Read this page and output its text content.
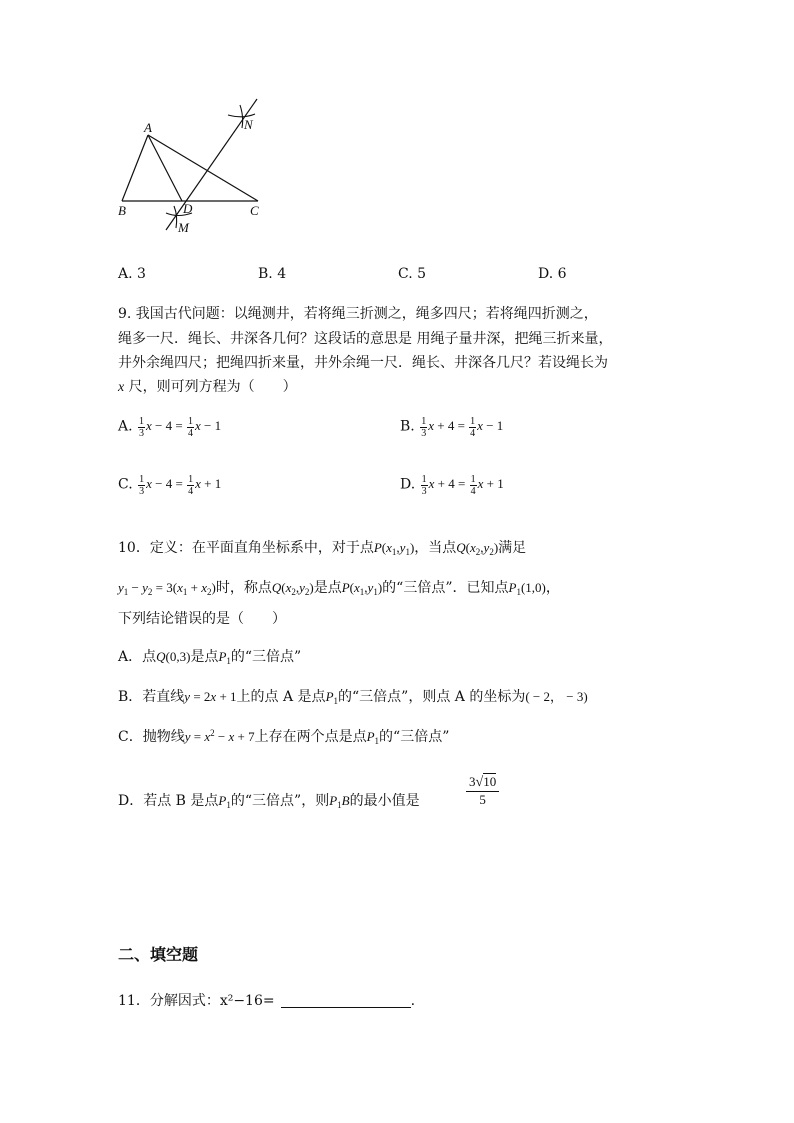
A
B	C
D
M
N
A. 3	B. 4	C. 5	D. 6
9. 我国古代问题：以绳测井，若将绳三折测之，绳多四尺；若将绳四折测之，
绳多一尺．绳长、井深各几何？这段话的意思是 用绳子量井深，把绳三折来量，
井外余绳四尺；把绳四折来量，井外余绳一尺．绳长、井深各几尺？若设绳长为
x 尺，则可列方程为（　　）
A. $\frac{1}{3}$ $x - 4 = \frac{1}{4}$ x − 1	B. $\frac{1}{3}$ $x + 4 = \frac{1}{4}$ x − 1
C. $\frac{1}{3}$ $x - 4 = \frac{1}{4}$ x + 1	D. $\frac{1}{3}$ $x + 4 = \frac{1}{4}$ x + 1
10．定义：在平面直角坐标系中，对于点$P(x_1,y_1)$，当点$Q(x_2,y_2)$满足
$y_1 - y_2 = 3(x_1 + x_2)$时，称点$Q(x_2,y_2)$是点$P(x_1,y_1)$的“三倍点”．已知点$P_1(1,0)$，
下列结论错误的是（　　）
A．点Q(0,3)是点$P_1$的“三倍点”
B．若直线y = 2x + 1上的点 A 是点$P_1$的“三倍点”，则点 A 的坐标为( − 2， − 3)
C．抛物线$y = x^2 - x + 7$上存在两个点是点$P_1$的“三倍点”
D．若点 B 是点$P_1$的“三倍点”，则$P_1B$的最小值是
3√10
5
二、填空题
11．分解因式：x²−16=	.
